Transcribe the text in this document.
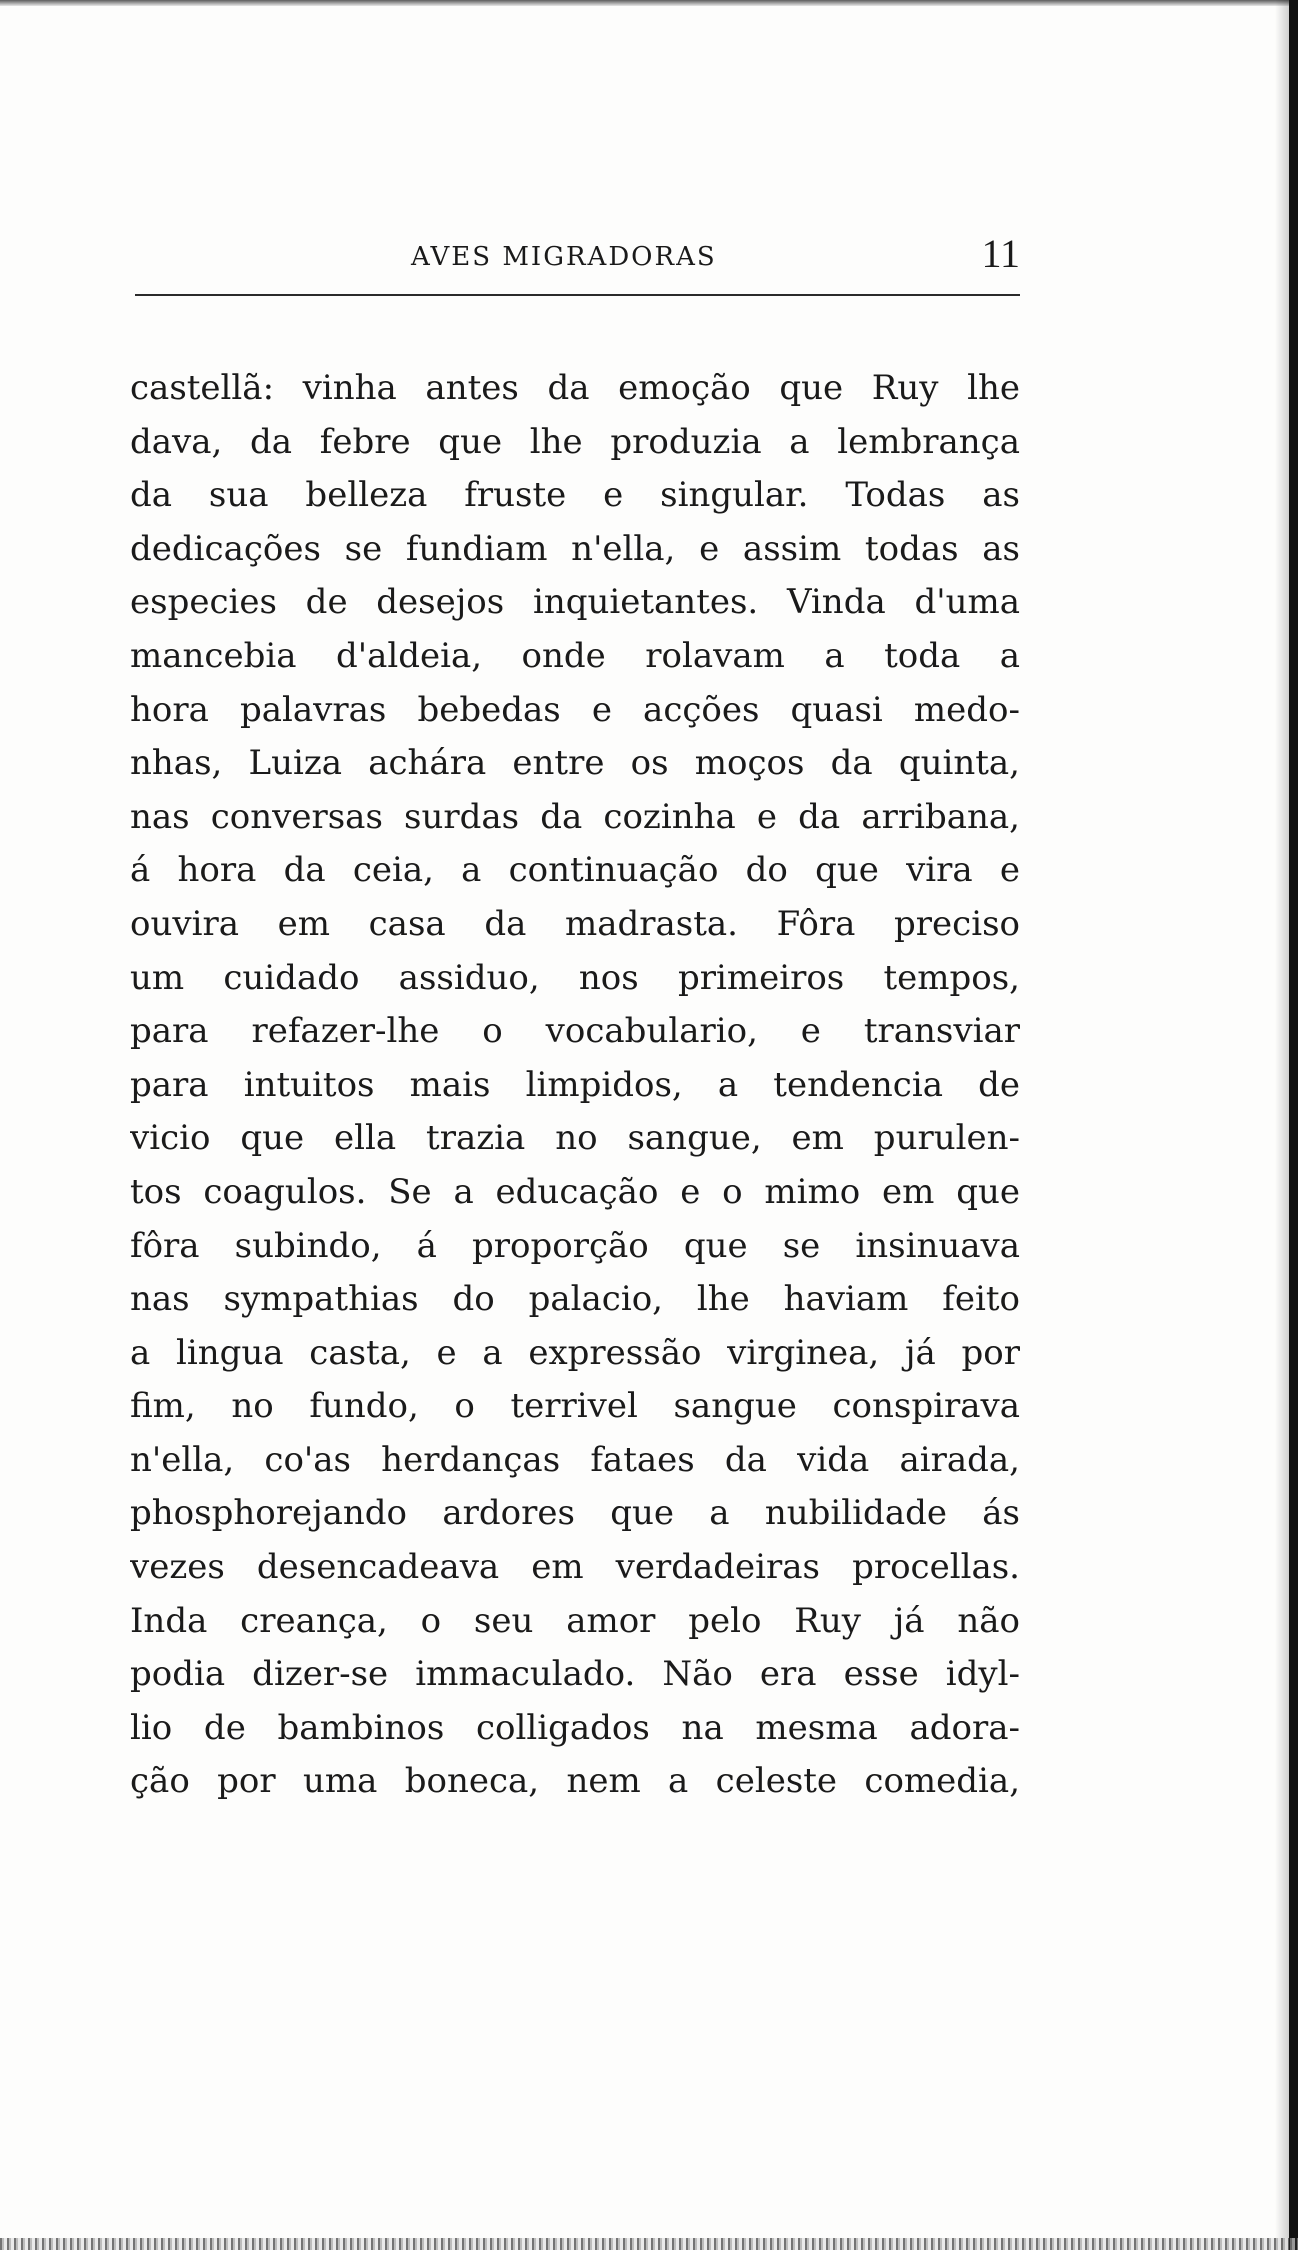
AVES MIGRADORAS	11
castellã: vinha antes da emoção que Ruy lhe
dava, da febre que lhe produzia a lembrança
da sua belleza fruste e singular. Todas as
dedicações se fundiam n'ella, e assim todas as
especies de desejos inquietantes. Vinda d'uma
mancebia d'aldeia, onde rolavam a toda a
hora palavras bebedas e acções quasi medo-
nhas, Luiza achára entre os moços da quinta,
nas conversas surdas da cozinha e da arribana,
á hora da ceia, a continuação do que vira e
ouvira em casa da madrasta. Fôra preciso
um cuidado assiduo, nos primeiros tempos,
para refazer-lhe o vocabulario, e transviar
para intuitos mais limpidos, a tendencia de
vicio que ella trazia no sangue, em purulen-
tos coagulos. Se a educação e o mimo em que
fôra subindo, á proporção que se insinuava
nas sympathias do palacio, lhe haviam feito
a lingua casta, e a expressão virginea, já por
fim, no fundo, o terrivel sangue conspirava
n'ella, co'as herdanças fataes da vida airada,
phosphorejando ardores que a nubilidade ás
vezes desencadeava em verdadeiras procellas.
Inda creança, o seu amor pelo Ruy já não
podia dizer-se immaculado. Não era esse idyl-
lio de bambinos colligados na mesma adora-
ção por uma boneca, nem a celeste comedia,
